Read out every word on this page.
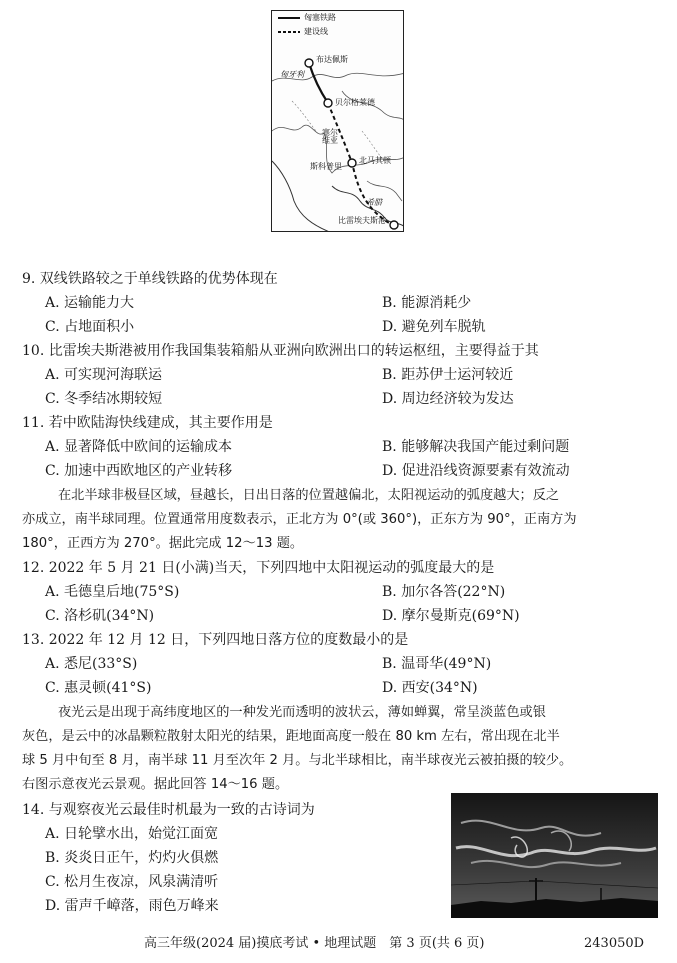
匈塞铁路
建设线
布达佩斯
匈牙利
贝尔格莱德
塞尔维亚
北马其顿
斯科普里
希腊
比雷埃夫斯港
9. 双线铁路较之于单线铁路的优势体现在
A. 运输能力大	B. 能源消耗少
C. 占地面积小	D. 避免列车脱轨
10. 比雷埃夫斯港被用作我国集装箱船从亚洲向欧洲出口的转运枢纽，主要得益于其
A. 可实现河海联运	B. 距苏伊士运河较近
C. 冬季结冰期较短	D. 周边经济较为发达
11. 若中欧陆海快线建成，其主要作用是
A. 显著降低中欧间的运输成本	B. 能够解决我国产能过剩问题
C. 加速中西欧地区的产业转移	D. 促进沿线资源要素有效流动
在北半球非极昼区域，昼越长，日出日落的位置越偏北，太阳视运动的弧度越大；反之
亦成立，南半球同理。位置通常用度数表示，正北方为 0°(或 360°)，正东方为 90°，正南方为
180°，正西方为 270°。据此完成 12～13 题。
12. 2022 年 5 月 21 日(小满)当天，下列四地中太阳视运动的弧度最大的是
A. 毛德皇后地(75°S)	B. 加尔各答(22°N)
C. 洛杉矶(34°N)	D. 摩尔曼斯克(69°N)
13. 2022 年 12 月 12 日，下列四地日落方位的度数最小的是
A. 悉尼(33°S)	B. 温哥华(49°N)
C. 惠灵顿(41°S)	D. 西安(34°N)
夜光云是出现于高纬度地区的一种发光而透明的波状云，薄如蝉翼，常呈淡蓝色或银
灰色，是云中的冰晶颗粒散射太阳光的结果，距地面高度一般在 80 km 左右，常出现在北半
球 5 月中旬至 8 月，南半球 11 月至次年 2 月。与北半球相比，南半球夜光云被拍摄的较少。
右图示意夜光云景观。据此回答 14～16 题。
14. 与观察夜光云最佳时机最为一致的古诗词为
A. 日轮擘水出，始觉江面宽
B. 炎炎日正午，灼灼火俱燃
C. 松月生夜凉，风泉满清听
D. 雷声千嶂落，雨色万峰来
高三年级(2024 届)摸底考试 • 地理试题　第 3 页(共 6 页)	243050D
